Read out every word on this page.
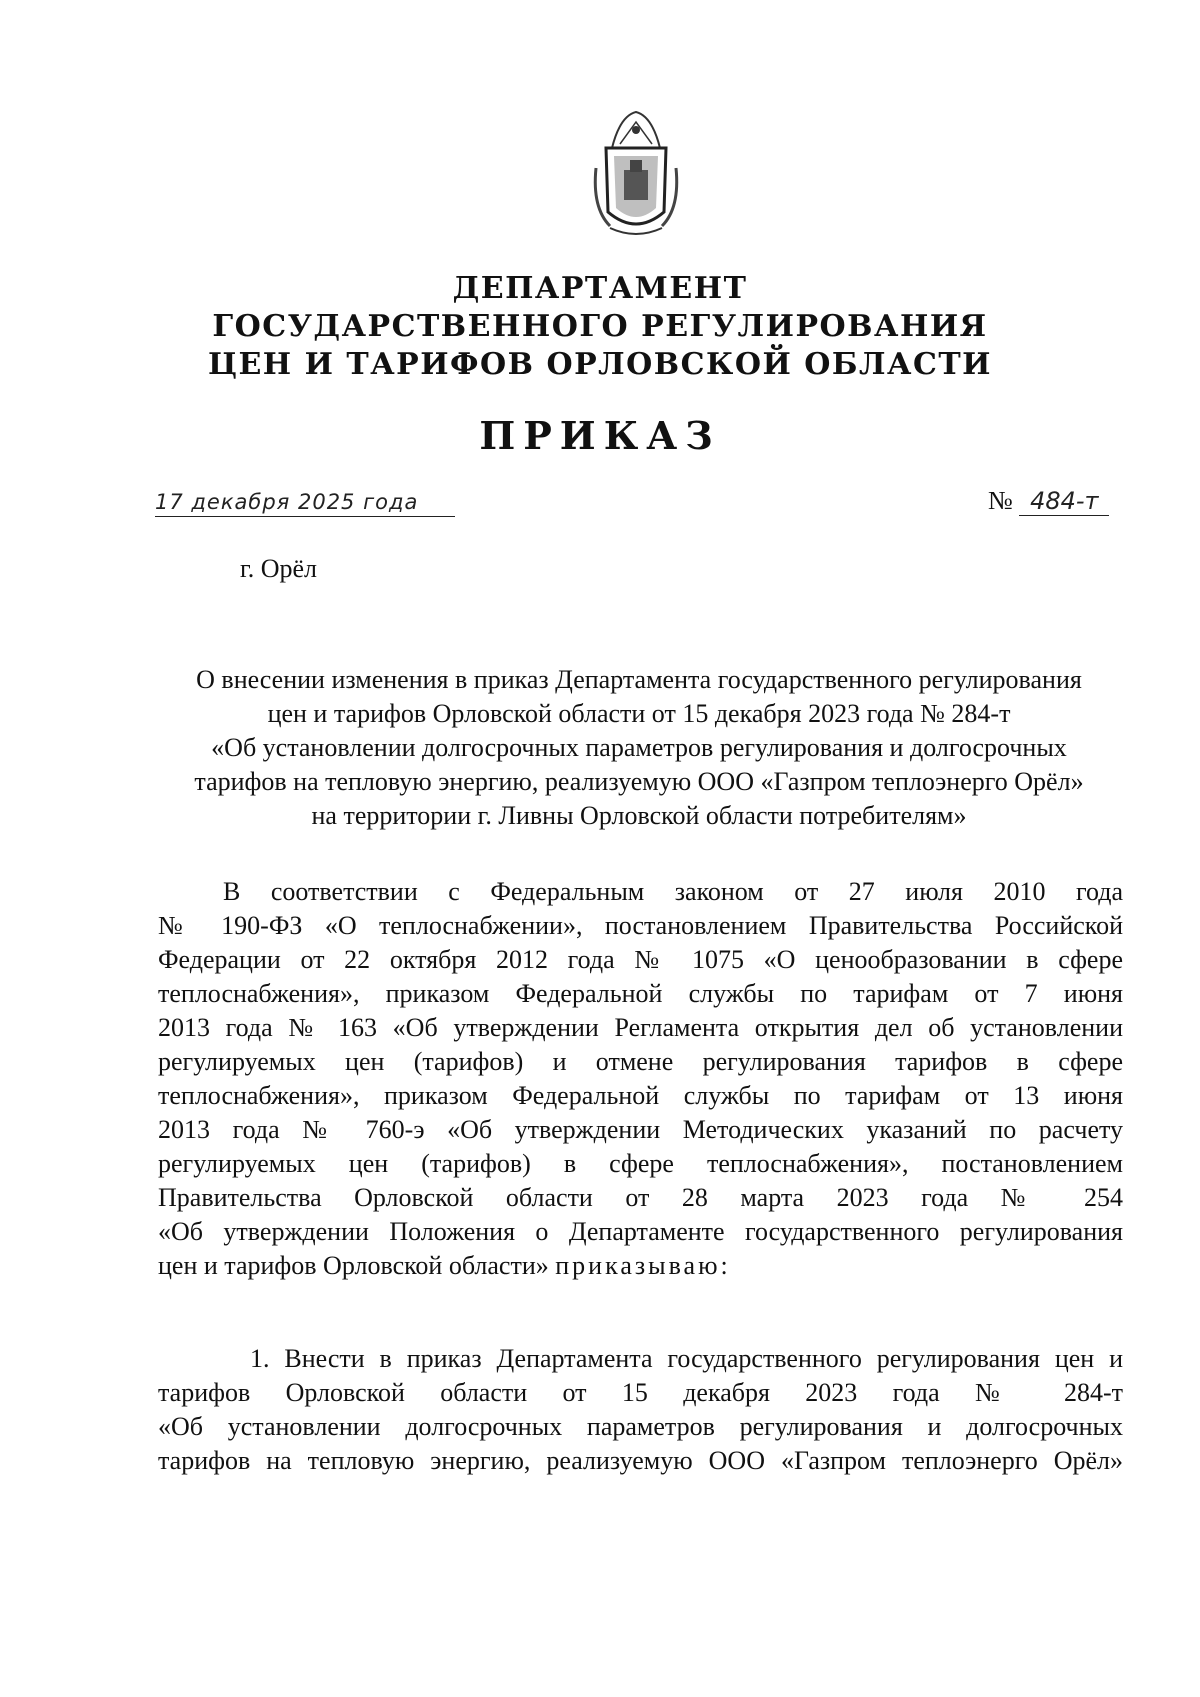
ДЕПАРТАМЕНТ
ГОСУДАРСТВЕННОГО РЕГУЛИРОВАНИЯ
ЦЕН И ТАРИФОВ ОРЛОВСКОЙ ОБЛАСТИ
ПРИКАЗ
17 декабря 2025 года	№ 484-т
г. Орёл
О внесении изменения в приказ Департамента государственного регулирования
цен и тарифов Орловской области от 15 декабря 2023 года № 284-т
«Об установлении долгосрочных параметров регулирования и долгосрочных
тарифов на тепловую энергию, реализуемую ООО «Газпром теплоэнерго Орёл»
на территории г. Ливны Орловской области потребителям»
В соответствии с Федеральным законом от 27 июля 2010 года
№ 190-ФЗ «О теплоснабжении», постановлением Правительства Российской
Федерации от 22 октября 2012 года № 1075 «О ценообразовании в сфере
теплоснабжения», приказом Федеральной службы по тарифам от 7 июня
2013 года № 163 «Об утверждении Регламента открытия дел об установлении
регулируемых цен (тарифов) и отмене регулирования тарифов в сфере
теплоснабжения», приказом Федеральной службы по тарифам от 13 июня
2013 года № 760-э «Об утверждении Методических указаний по расчету
регулируемых цен (тарифов) в сфере теплоснабжения», постановлением
Правительства Орловской области от 28 марта 2023 года № 254
«Об утверждении Положения о Департаменте государственного регулирования
цен и тарифов Орловской области» приказываю:
1. Внести в приказ Департамента государственного регулирования цен и
тарифов Орловской области от 15 декабря 2023 года № 284-т
«Об установлении долгосрочных параметров регулирования и долгосрочных
тарифов на тепловую энергию, реализуемую ООО «Газпром теплоэнерго Орёл»
